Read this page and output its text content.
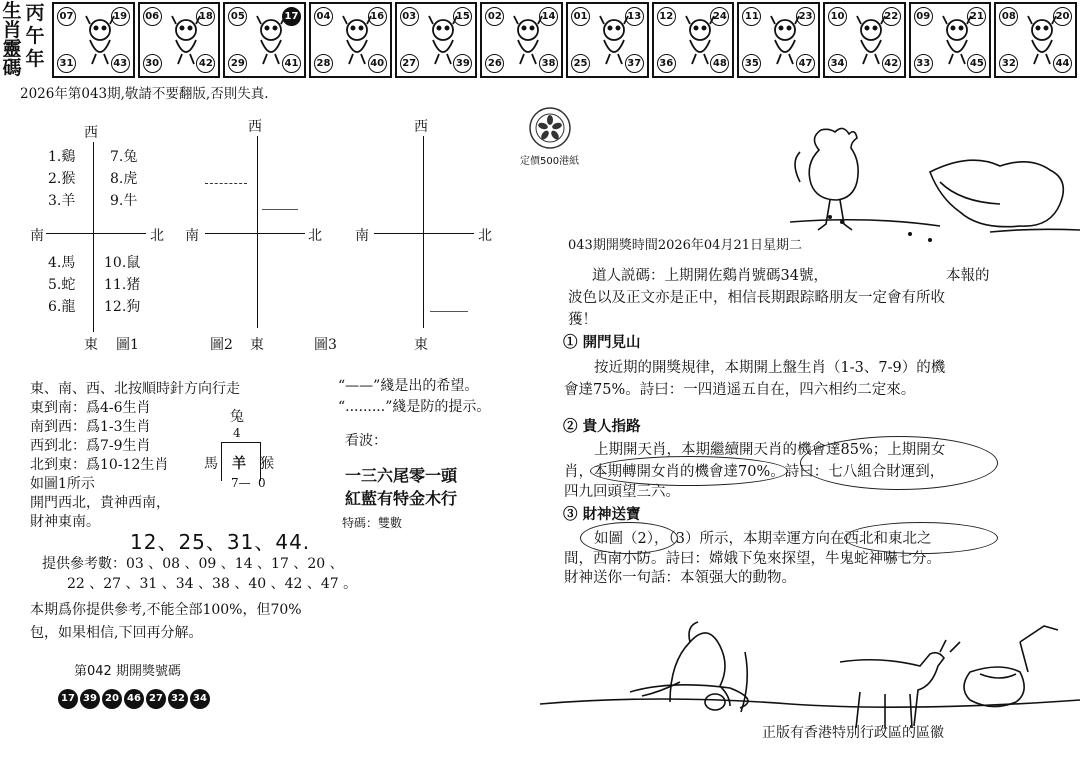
生
肖
靈
碼
丙
午
年
07	19
31	43
06	18
30	42
05	17
29	41
04	16
28	40
03	15
27	39
02	14
26	38
01	13
25	37
12	24
36	48
11	23
35	47
10	22
34	42
09	21
33	45
08	20
32	44
2026年第043期,敬請不要翻版,否則失真.
西
南	北
東 圖1
1.鷄
2.猴
3.羊
4.馬
5.蛇
6.龍
7.兔
8.虎
9.牛
10.鼠
11.猪
12.狗
西
南	北
圖2 東	圖3
西
南	北
東
“——”綫是出的希望。
“.........”綫是防的提示。
東、南、西、北按順時針方向行走
東到南：爲4-6生肖
南到西：爲1-3生肖
西到北：爲7-9生肖
北到東：爲10-12生肖
如圖1所示
開門西北，貴神西南，
財神東南。
兔
4
馬 羊 猴
7— 0
看波：
一三六尾零一頭
紅藍有特金木行
特碼：雙數
12、25、31、44.
提供參考數：03 、08 、09 、14 、17 、20 、
22 、27 、31 、34 、38 、40 、42 、47 。
本期爲你提供參考,不能全部100%，但70%
包，如果相信,下回再分解。
第042 期開獎號碼
17 39 20 46 27 32 34
定價500港紙
043期開獎時間2026年04月21日星期二
道人説碼：上期開佐鷄肖號碼34號，	本報的
波色以及正文亦是正中，相信長期跟踪略朋友一定會有所收
獲！
① 開門見山
按近期的開獎規律，本期開上盤生肖（1-3、7-9）的機
會達75%。詩曰：一四逍遥五自在，四六相约二定來。
② 貴人指路
上期開天肖，本期繼續開天肖的機會達85%；上期開女
肖，本期轉開女肖的機會達70%。詩曰：七八組合財運到，
四九回頭望三六。
③ 財神送寶
如圖（2），（3）所示，本期幸運方向在西北和東北之
間，西南小防。詩曰：嫦娥下兔來探望，牛鬼蛇神嚇七分。
財神送你一句話：本領强大的動物。
正版有香港特別行政區的區徽
